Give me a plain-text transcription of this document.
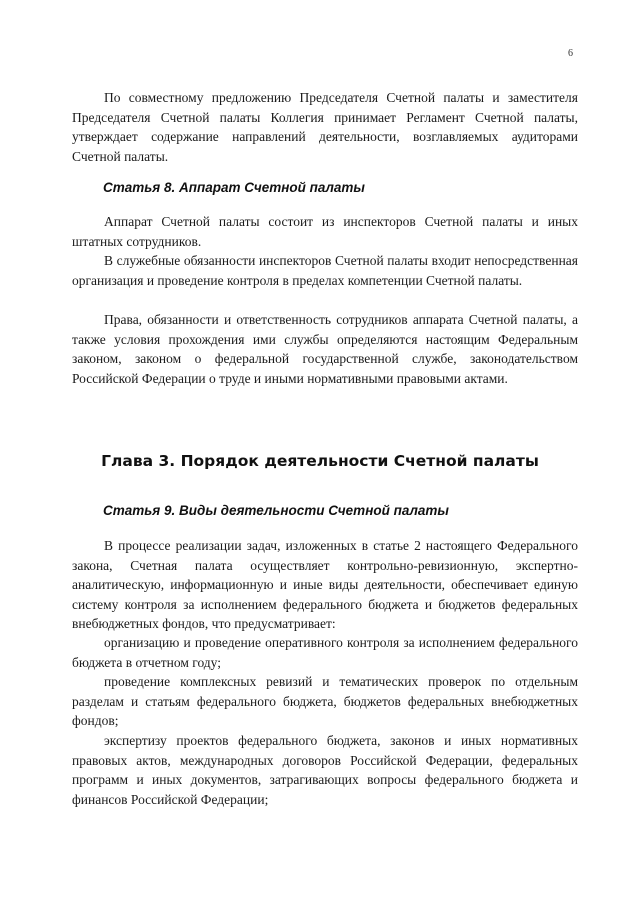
6

По совместному предложению Председателя Счетной палаты и заместителя Председателя Счетной палаты Коллегия принимает Регламент Счетной палаты, утверждает содержание направлений деятельности, возглавляемых аудиторами Счетной палаты.

Статья 8. Аппарат Счетной палаты

Аппарат Счетной палаты состоит из инспекторов Счетной палаты и иных штатных сотрудников.

В служебные обязанности инспекторов Счетной палаты входит непосредственная организация и проведение контроля в пределах компетенции Счетной палаты.

Права, обязанности и ответственность сотрудников аппарата Счетной палаты, а также условия прохождения ими службы определяются настоящим Федеральным законом, законом о федеральной государственной службе, законодательством Российской Федерации о труде и иными нормативными правовыми актами.

Глава 3. Порядок деятельности Счетной палаты
Статья 9. Виды деятельности Счетной палаты

В процессе реализации задач, изложенных в статье 2 настоящего Федерального закона, Счетная палата осуществляет контрольно-ревизионную, экспертно-аналитическую, информационную и иные виды деятельности, обеспечивает единую систему контроля за исполнением федерального бюджета и бюджетов федеральных внебюджетных фондов, что предусматривает:

организацию и проведение оперативного контроля за исполнением федерального бюджета в отчетном году;

проведение комплексных ревизий и тематических проверок по отдельным разделам и статьям федерального бюджета, бюджетов федеральных внебюджетных фондов;

экспертизу проектов федерального бюджета, законов и иных нормативных правовых актов, международных договоров Российской Федерации, федеральных программ и иных документов, затрагивающих вопросы федерального бюджета и финансов Российской Федерации;
